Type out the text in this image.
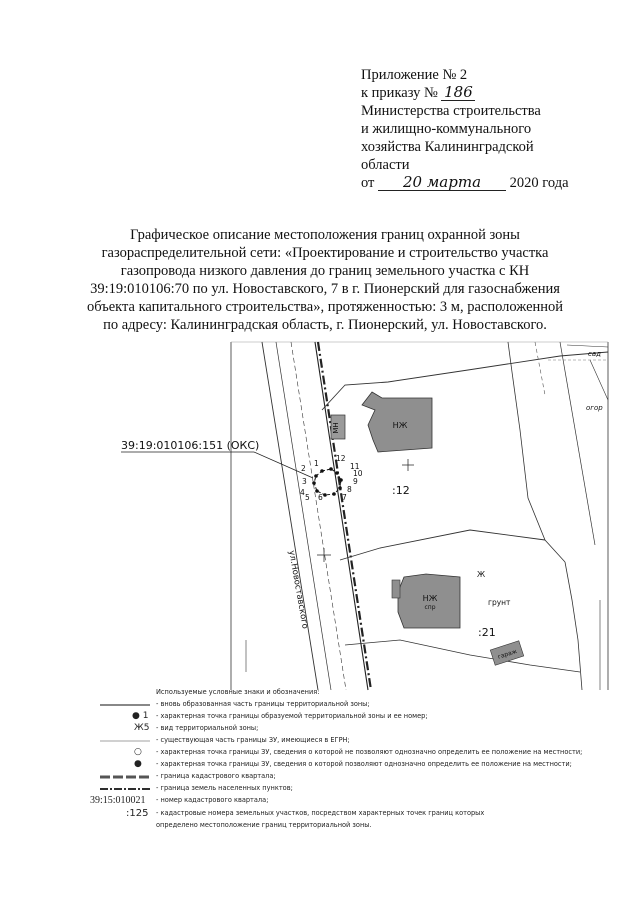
Приложение № 2
к приказу № 186
Министерства строительства
и жилищно-коммунального
хозяйства Калининградской
области
от 20 марта 2020 года
Графическое описание местоположения границ охранной зоны
газораспределительной сети: «Проектирование и строительство участка
газопровода низкого давления до границ земельного участка с КН
39:19:010106:70 по ул. Новоставского, 7 в г. Пионерский для газоснабжения
объекта капитального строительства», протяженностью: 3 м, расположенной
по адресу: Калининградская область, г. Пионерский, ул. Новоставского.
МН	НЖ
НЖ
спр
гараж
:12
:21
грунт
Ж
сад
огор
ул.Новоставского
39:19:010106:151 (ОКС)
1
2
3
4
5 6	7
8
9
10
11
12
Используемые условные знаки и обозначения:
- вновь образованная часть границы территориальной зоны;
● 1 - характерная точка границы образуемой территориальной зоны и ее номер;
Ж5 - вид территориальной зоны;
- существующая часть границы ЗУ, имеющиеся в ЕГРН;
○ - характерная точка границы ЗУ, сведения о которой не позволяют однозначно определить ее положение на местности;
● - характерная точка границы ЗУ, сведения о которой позволяют однозначно определить ее положение на местности;
- граница кадастрового квартала;
- граница земель населенных пунктов;
39:15:010021 - номер кадастрового квартала;
:125 - кадастровые номера земельных участков, посредством характерных точек границ которых
определено местоположение границ территориальной зоны.
